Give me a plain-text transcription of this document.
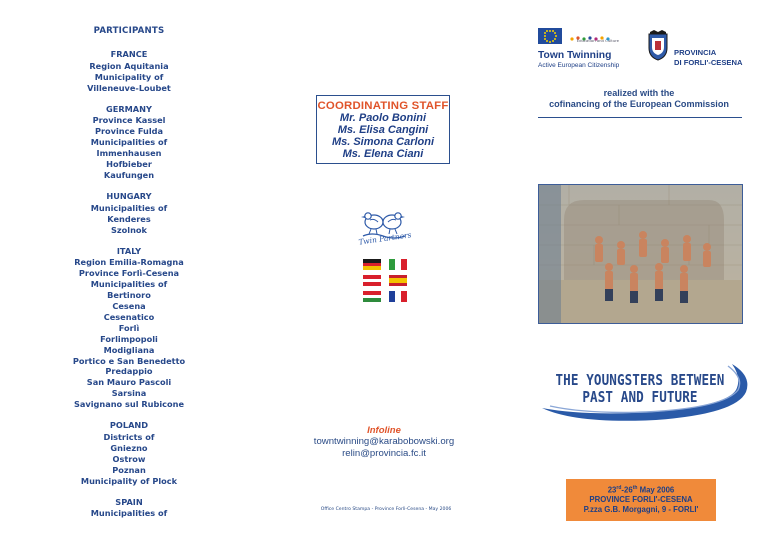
PARTICIPANTS
FRANCE
Region Aquitania
Municipality of
Villeneuve-Loubet
GERMANY
Province Kassel
Province Fulda
Municipalities of
Immenhausen
Hofbieber
Kaufungen
HUNGARY
Municipalities of
Kenderes
Szolnok
ITALY
Region Emilia-Romagna
Province Forlì-Cesena
Municipalities of
Bertinoro
Cesena
Cesenatico
Forlì
Forlimpopoli
Modigliana
Portico e San Benedetto
Predappio
San Mauro Pascoli
Sarsina
Savignano sul Rubicone
POLAND
Districts of
Gniezno
Ostrow
Poznan
Municipality of Plock
SPAIN
Municipalities of
COORDINATING STAFF
Mr. Paolo Bonini
Ms. Elisa Cangini
Ms. Simona Carloni
Ms. Elena Ciani
Twin Partners
Infoline
towntwinning@karabobowski.org
relin@provincia.fc.it
Office Centro Stampa - Province Forlì-Cesena - May 2006
Education and Culture
Town Twinning
Active European Citizenship
PROVINCIA
DI FORLI'-CESENA
realized with the
cofinancing of the European Commission
THE YOUNGSTERS BETWEEN
PAST AND FUTURE
23rd-26th May 2006
PROVINCE FORLI'-CESENA
P.zza G.B. Morgagni, 9 - FORLI'
